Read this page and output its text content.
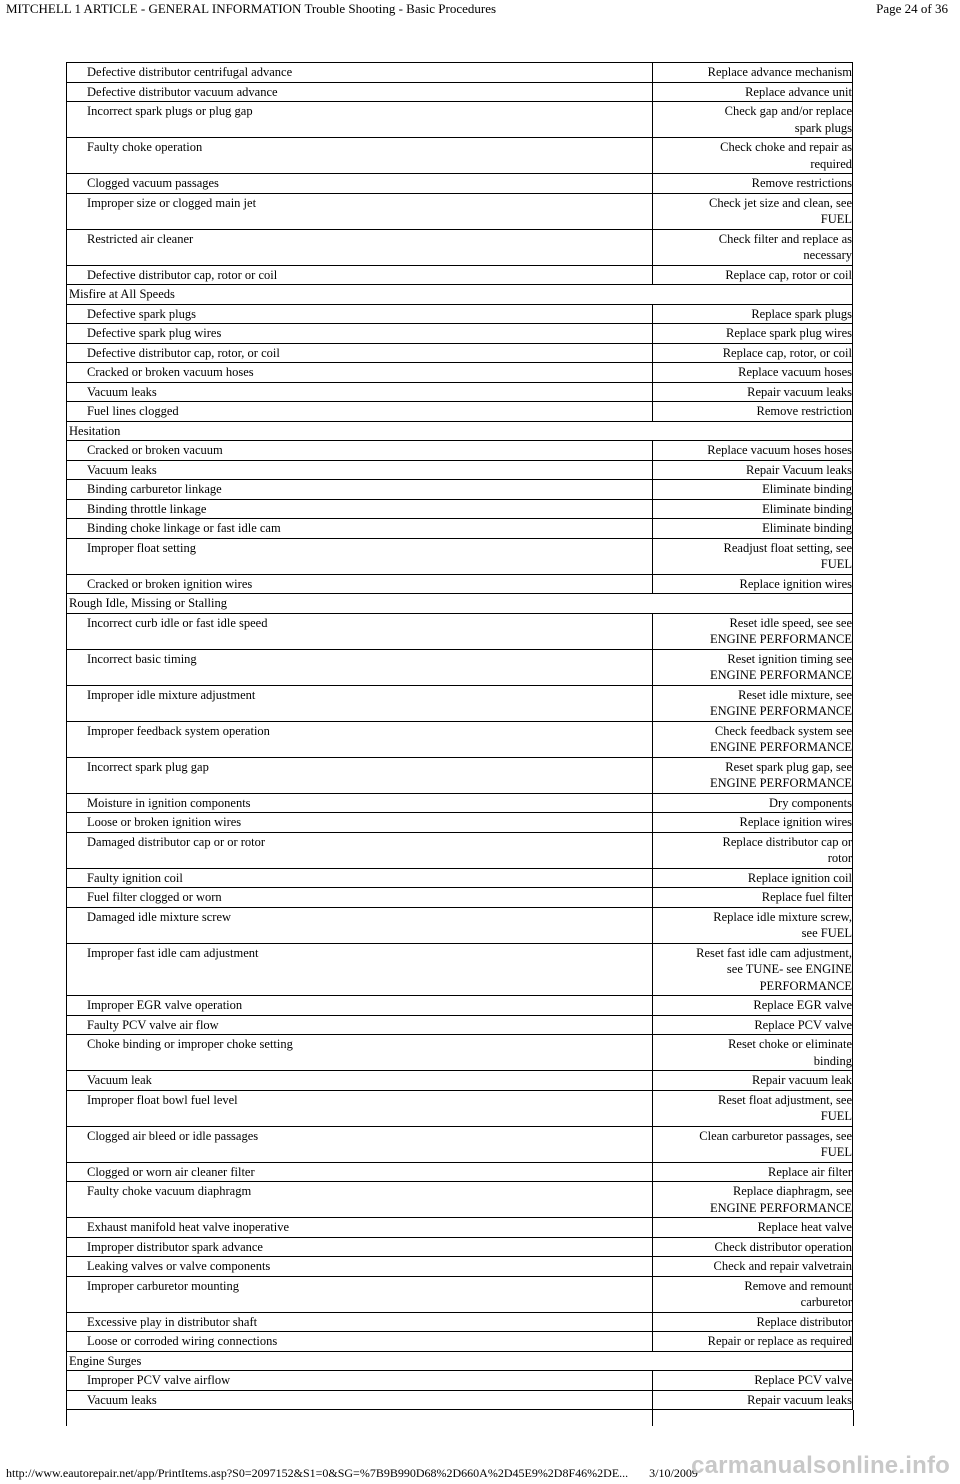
MITCHELL 1 ARTICLE - GENERAL INFORMATION Trouble Shooting - Basic Procedures	Page 24 of 36
Defective distributor centrifugal advance	Replace advance mechanism
Defective distributor vacuum advance	Replace advance unit
Incorrect spark plugs or plug gap	Check gap and/or replace
spark plugs
Faulty choke operation	Check choke and repair as
required
Clogged vacuum passages	Remove restrictions
Improper size or clogged main jet	Check jet size and clean, see
FUEL
Restricted air cleaner	Check filter and replace as
necessary
Defective distributor cap, rotor or coil	Replace cap, rotor or coil
Misfire at All Speeds	
Defective spark plugs	Replace spark plugs
Defective spark plug wires	Replace spark plug wires
Defective distributor cap, rotor, or coil	Replace cap, rotor, or coil
Cracked or broken vacuum hoses	Replace vacuum hoses
Vacuum leaks	Repair vacuum leaks
Fuel lines clogged	Remove restriction
Hesitation	
Cracked or broken vacuum	Replace vacuum hoses hoses
Vacuum leaks	Repair Vacuum leaks
Binding carburetor linkage	Eliminate binding
Binding throttle linkage	Eliminate binding
Binding choke linkage or fast idle cam	Eliminate binding
Improper float setting	Readjust float setting, see
FUEL
Cracked or broken ignition wires	Replace ignition wires
Rough Idle, Missing or Stalling	
Incorrect curb idle or fast idle speed	Reset idle speed, see see
ENGINE PERFORMANCE
Incorrect basic timing	Reset ignition timing see
ENGINE PERFORMANCE
Improper idle mixture adjustment	Reset idle mixture, see
ENGINE PERFORMANCE
Improper feedback system operation	Check feedback system see
ENGINE PERFORMANCE
Incorrect spark plug gap	Reset spark plug gap, see
ENGINE PERFORMANCE
Moisture in ignition components	Dry components
Loose or broken ignition wires	Replace ignition wires
Damaged distributor cap or or rotor	Replace distributor cap or
rotor
Faulty ignition coil	Replace ignition coil
Fuel filter clogged or worn	Replace fuel filter
Damaged idle mixture screw	Replace idle mixture screw,
see FUEL
Improper fast idle cam adjustment	Reset fast idle cam adjustment,
see TUNE- see ENGINE
PERFORMANCE
Improper EGR valve operation	Replace EGR valve
Faulty PCV valve air flow	Replace PCV valve
Choke binding or improper choke setting	Reset choke or eliminate
binding
Vacuum leak	Repair vacuum leak
Improper float bowl fuel level	Reset float adjustment, see
FUEL
Clogged air bleed or idle passages	Clean carburetor passages, see
FUEL
Clogged or worn air cleaner filter	Replace air filter
Faulty choke vacuum diaphragm	Replace diaphragm, see
ENGINE PERFORMANCE
Exhaust manifold heat valve inoperative	Replace heat valve
Improper distributor spark advance	Check distributor operation
Leaking valves or valve components	Check and repair valvetrain
Improper carburetor mounting	Remove and remount
carburetor
Excessive play in distributor shaft	Replace distributor
Loose or corroded wiring connections	Repair or replace as required
Engine Surges	
Improper PCV valve airflow	Replace PCV valve
Vacuum leaks	Repair vacuum leaks
http://www.eautorepair.net/app/PrintItems.asp?S0=2097152&S1=0&SG=%7B9B990D68%2D660A%2D45E9%2D8F46%2DE... 3/10/2009
carmanualsonline.info
